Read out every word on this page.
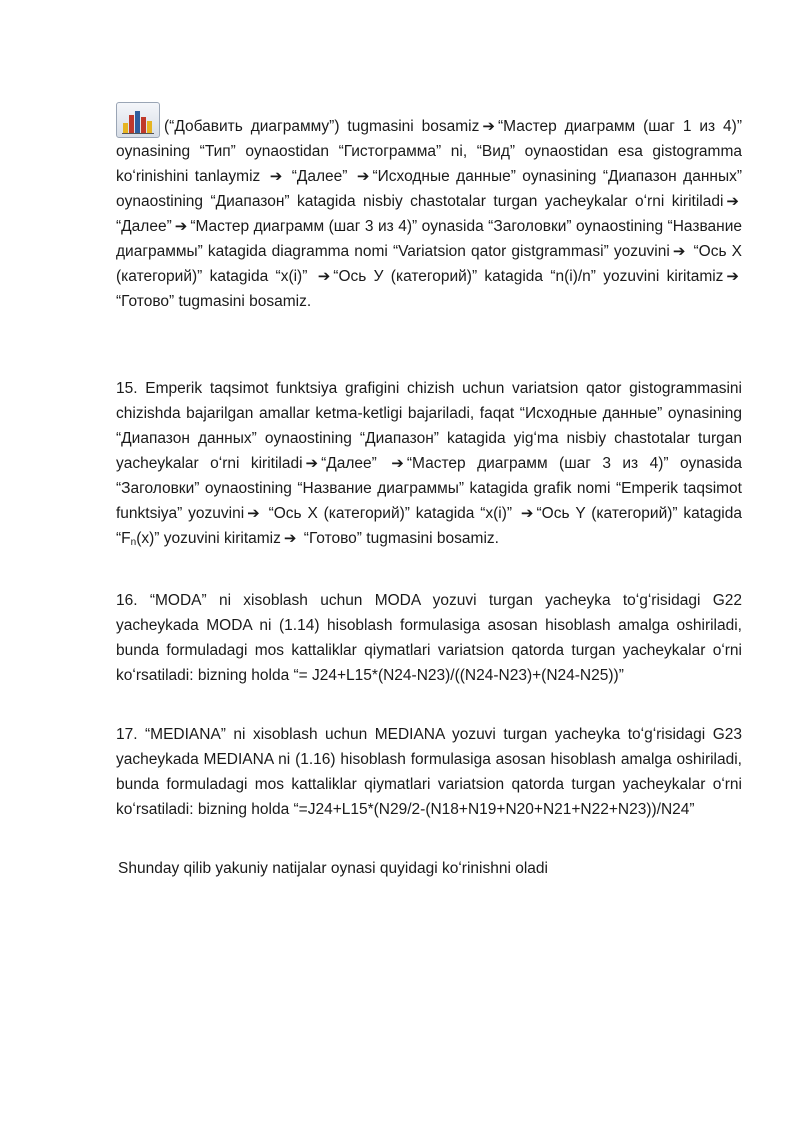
(“Добавить диаграмму”) tugmasini bosamiz ➔ “Мастер диаграмм (шаг 1 из 4)” oynasining “Тип” oynaostidan “Гистограмма” ni, “Вид” oynaostidan esa gistogramma koʻrinishini tanlaymiz ➔ “Далее” ➔ “Исходные данные” oynasining “Диапазон данных” oynaostining “Диапазон” katagida nisbiy chastotalar turgan yacheykalar oʻrni kiritiladi ➔ “Далее” ➔ “Мастер диаграмм (шаг 3 из 4)” oynasida “Заголовки” oynaostining “Название диаграммы” katagida diagramma nomi “Variatsion qator gistgrammasi” yozuvini ➔ “Ось X (категорий)” katagida “x(i)” ➔ “Ось У (категорий)” katagida “n(i)/n” yozuvini kiritamiz ➔ “Готово” tugmasini bosamiz.
15. Emperik taqsimot funktsiya grafigini chizish uchun variatsion qator gistogrammasini chizishda bajarilgan amallar ketma-ketligi bajariladi, faqat “Исходные данные” oynasining “Диапазон данных” oynaostining “Диапазон” katagida yigʻma nisbiy chastotalar turgan yacheykalar oʻrni kiritiladi ➔ “Далее” ➔ “Мастер диаграмм (шаг 3 из 4)” oynasida “Заголовки” oynaostining “Название диаграммы” katagida grafik nomi “Emperik taqsimot funktsiya” yozuvini ➔ “Ось X (категорий)” katagida “x(i)” ➔ “Ось Y (категорий)” katagida “$F_n(x)$” yozuvini kiritamiz ➔ “Готово” tugmasini bosamiz.
16. “MODA” ni xisoblash uchun MODA yozuvi turgan yacheyka toʻgʻrisidagi G22 yacheykada MODA ni (1.14) hisoblash formulasiga asosan hisoblash amalga oshiriladi, bunda formuladagi mos kattaliklar qiymatlari variatsion qatorda turgan yacheykalar oʻrni koʻrsatiladi: bizning holda “= J24+L15*(N24-N23)/((N24-N23)+(N24-N25))”
17. “MEDIANA” ni xisoblash uchun MEDIANA yozuvi turgan yacheyka toʻgʻrisidagi G23 yacheykada MEDIANA ni (1.16) hisoblash formulasiga asosan hisoblash amalga oshiriladi, bunda formuladagi mos kattaliklar qiymatlari variatsion qatorda turgan yacheykalar oʻrni koʻrsatiladi: bizning holda “=J24+L15*(N29/2-(N18+N19+N20+N21+N22+N23))/N24”
Shunday qilib yakuniy natijalar oynasi quyidagi koʻrinishni oladi
